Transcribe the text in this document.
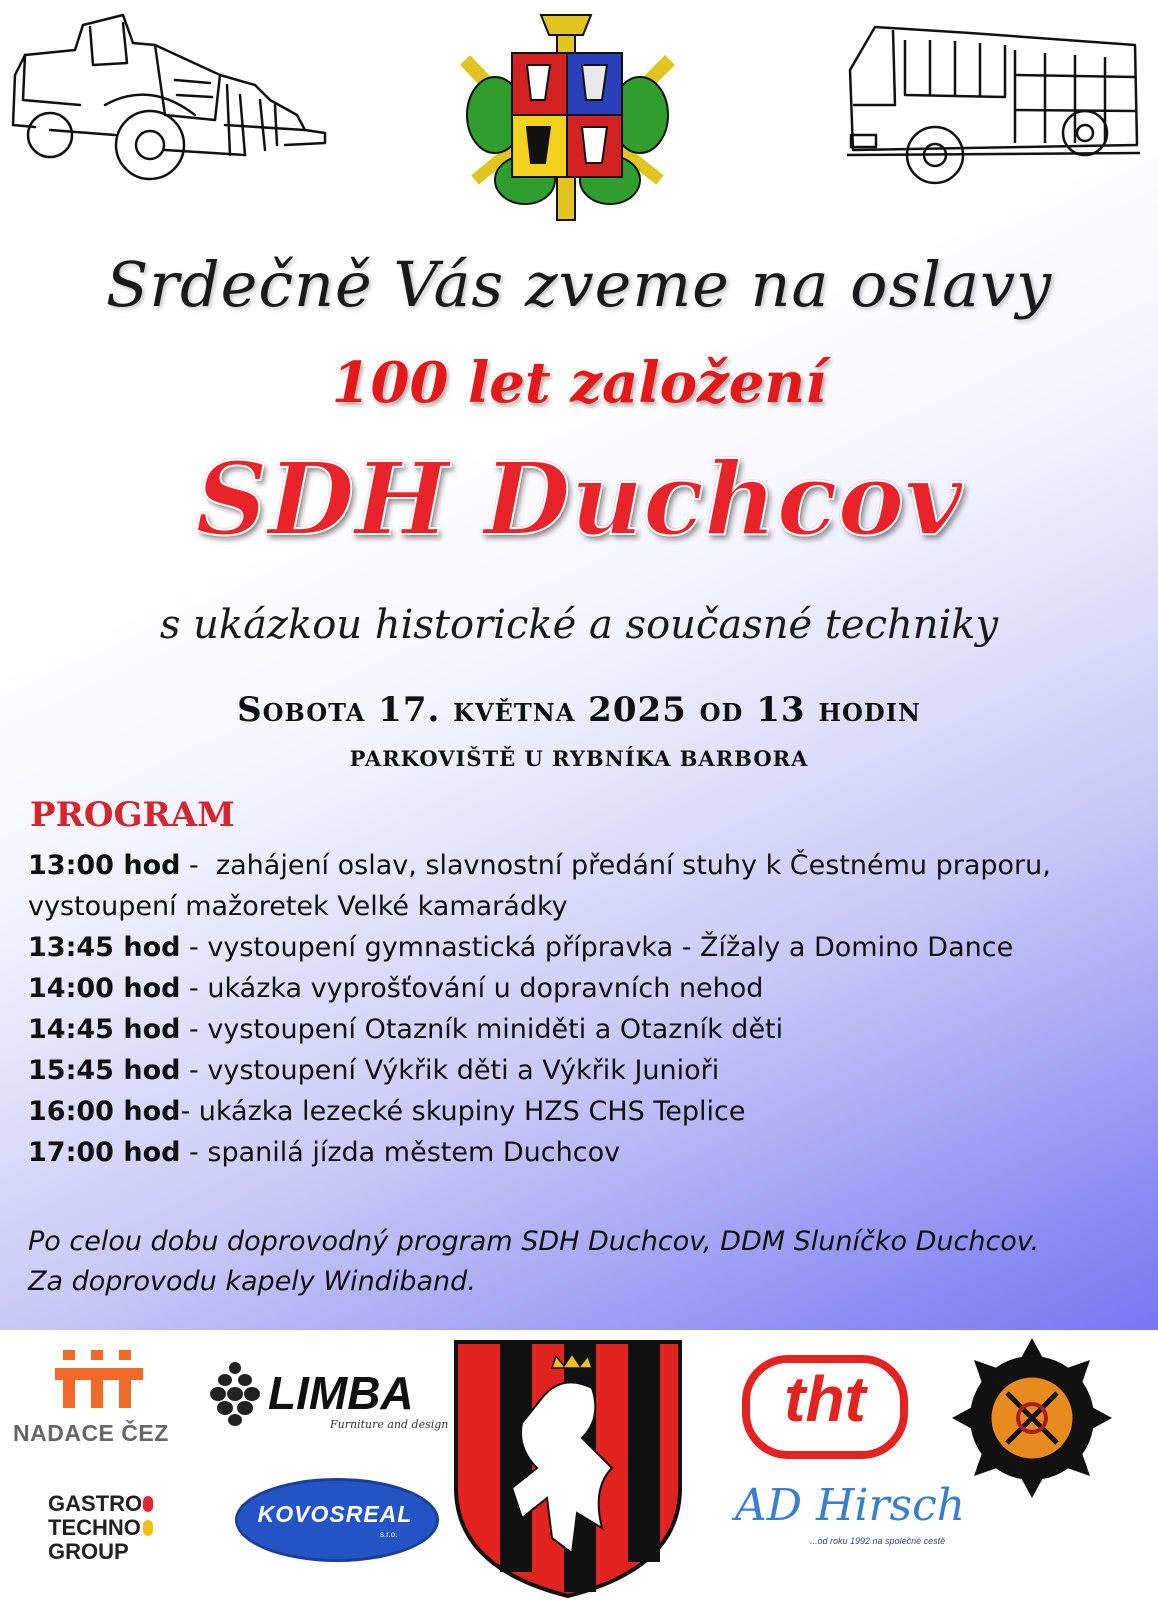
Srdečně Vás zveme na oslavy
100 let založení
SDH Duchcov
s ukázkou historické a současné techniky
Sobota 17. května 2025 od 13 hodin
PARKOVIŠTĚ U RYBNÍKA BARBORA
PROGRAM
13:00 hod -  zahájení oslav, slavnostní předání stuhy k Čestnému praporu, vystoupení mažoretek Velké kamarádky
13:45 hod - vystoupení gymnastická přípravka - Žížaly a Domino Dance
14:00 hod - ukázka vyprošťování u dopravních nehod
14:45 hod - vystoupení Otazník miniděti a Otazník děti
15:45 hod - vystoupení Výkřik děti a Výkřik Junioři
16:00 hod- ukázka lezecké skupiny HZS CHS Teplice
17:00 hod - spanilá jízda městem Duchcov
Po celou dobu doprovodný program SDH Duchcov, DDM Sluníčko Duchcov.
Za doprovodu kapely Windiband.
NADACE ČEZ
GASTRO
TECHNO
GROUP
LIMBA
Furniture and design
KOVOSREAL
s.r.o.
tht
AD Hirsch
...od roku 1992 na společné cestě
